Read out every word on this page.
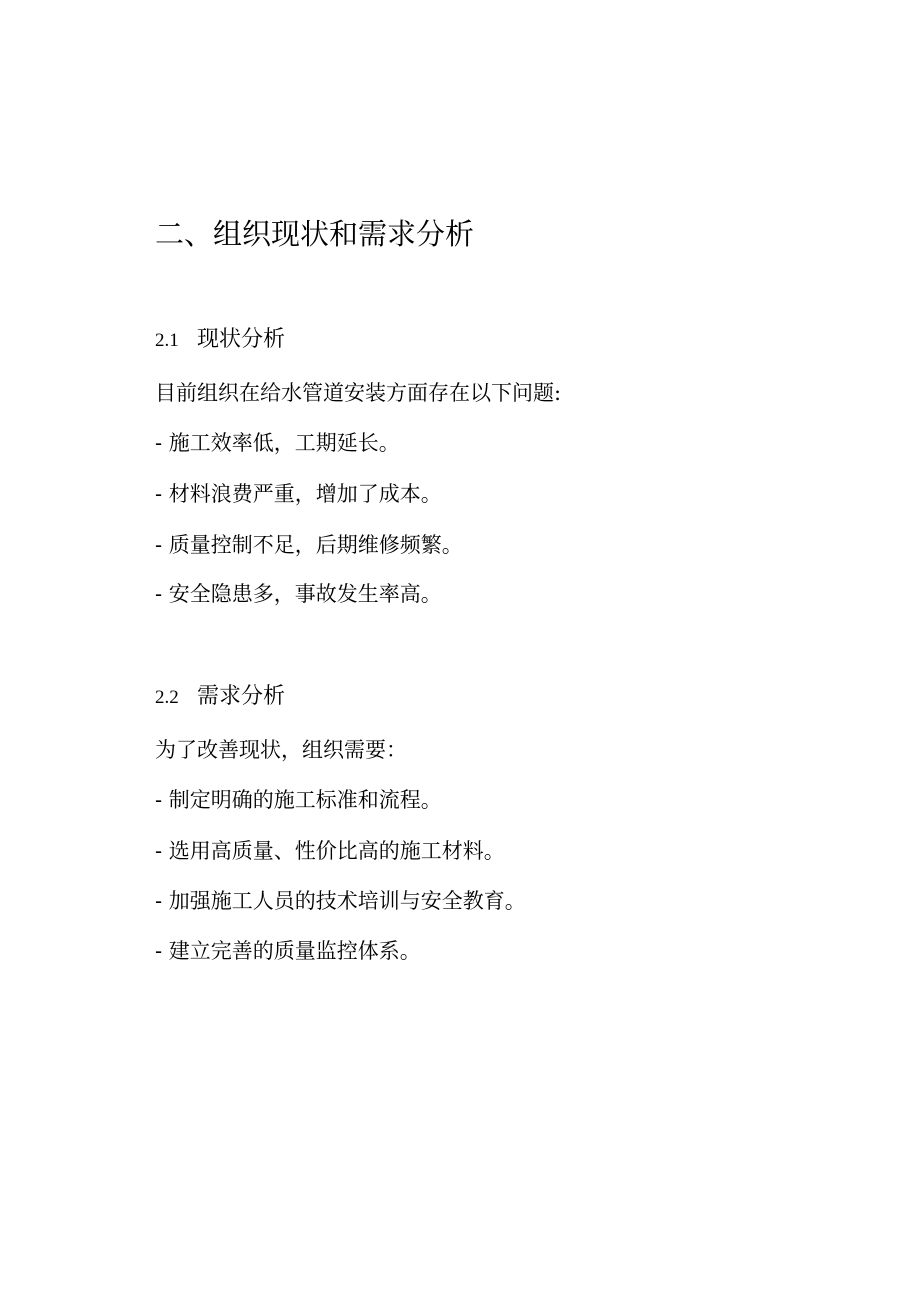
二、组织现状和需求分析
2.1 现状分析
目前组织在给水管道安装方面存在以下问题:
- 施工效率低，工期延长。
- 材料浪费严重，增加了成本。
- 质量控制不足，后期维修频繁。
- 安全隐患多，事故发生率高。
2.2 需求分析
为了改善现状，组织需要：
- 制定明确的施工标准和流程。
- 选用高质量、性价比高的施工材料。
- 加强施工人员的技术培训与安全教育。
- 建立完善的质量监控体系。
